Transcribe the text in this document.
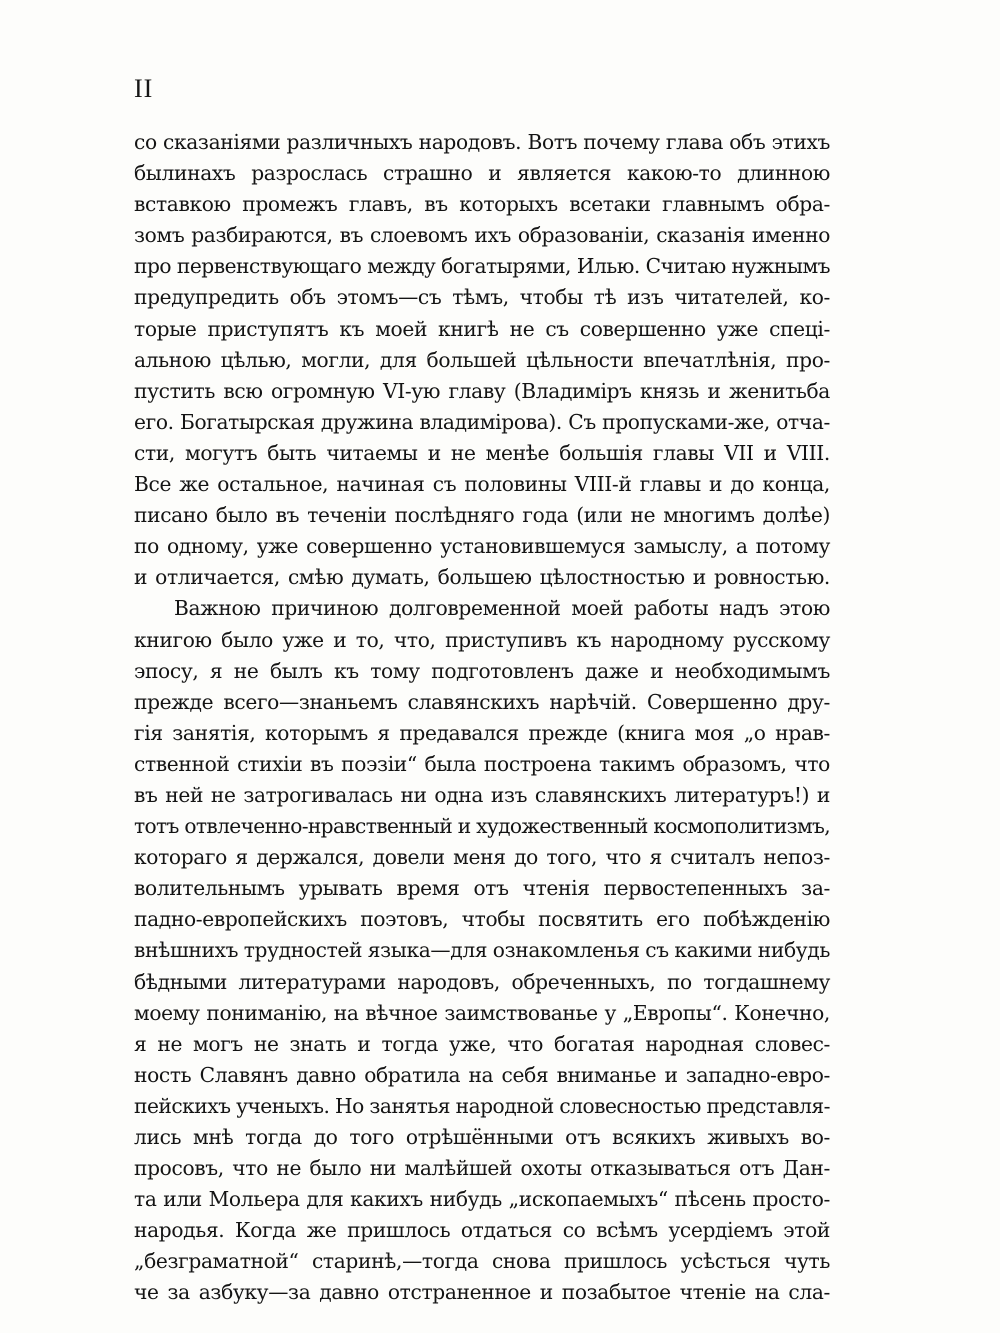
II
со сказаніями различныхъ народовъ. Вотъ почему глава объ этихъ
былинахъ разрослась страшно и является какою-то длинною
вставкою промежъ главъ, въ которыхъ всетаки главнымъ обра-
зомъ разбираются, въ слоевомъ ихъ образованіи, сказанія именно
про первенствующаго между богатырями, Илью. Считаю нужнымъ
предупредить объ этомъ—съ тѣмъ, чтобы тѣ изъ читателей, ко-
торые приступятъ къ моей книгѣ не съ совершенно уже спеці-
альною цѣлью, могли, для большей цѣльности впечатлѣнія, про-
пустить всю огромную VI-ую главу (Владиміръ князь и женитьба
его. Богатырская дружина владимірова). Съ пропусками-же, отча-
сти, могутъ быть читаемы и не менѣе большія главы VII и VIII.
Все же остальное, начиная съ половины VIII-й главы и до конца,
писано было въ теченіи послѣдняго года (или не многимъ долѣе)
по одному, уже совершенно установившемуся замыслу, а потому
и отличается, смѣю думать, большею цѣлостностью и ровностью.
Важною причиною долговременной моей работы надъ этою
книгою было уже и то, что, приступивъ къ народному русскому
эпосу, я не былъ къ тому подготовленъ даже и необходимымъ
прежде всего—знаньемъ славянскихъ нарѣчій. Совершенно дру-
гія занятія, которымъ я предавался прежде (книга моя „о нрав-
ственной стихіи въ поэзіи“ была построена такимъ образомъ, что
въ ней не затрогивалась ни одна изъ славянскихъ литературъ!) и
тотъ отвлеченно-нравственный и художественный космополитизмъ,
котораго я держался, довели меня до того, что я считалъ непоз-
волительнымъ урывать время отъ чтенія первостепенныхъ за-
падно-европейскихъ поэтовъ, чтобы посвятить его побѣжденію
внѣшнихъ трудностей языка—для ознакомленья съ какими нибудь
бѣдными литературами народовъ, обреченныхъ, по тогдашнему
моему пониманію, на вѣчное заимствованье у „Европы“. Конечно,
я не могъ не знать и тогда уже, что богатая народная словес-
ность Славянъ давно обратила на себя вниманье и западно-евро-
пейскихъ ученыхъ. Но занятья народной словесностью представля-
лись мнѣ тогда до того отрѣшёнными отъ всякихъ живыхъ во-
просовъ, что не было ни малѣйшей охоты отказываться отъ Дан-
та или Мольера для какихъ нибудь „ископаемыхъ“ пѣсень просто-
народья. Когда же пришлось отдаться со всѣмъ усердіемъ этой
„безграматной“ старинѣ,—тогда снова пришлось усѣсться чуть
че за азбуку—за давно отстраненное и позабытое чтеніе на сла-
